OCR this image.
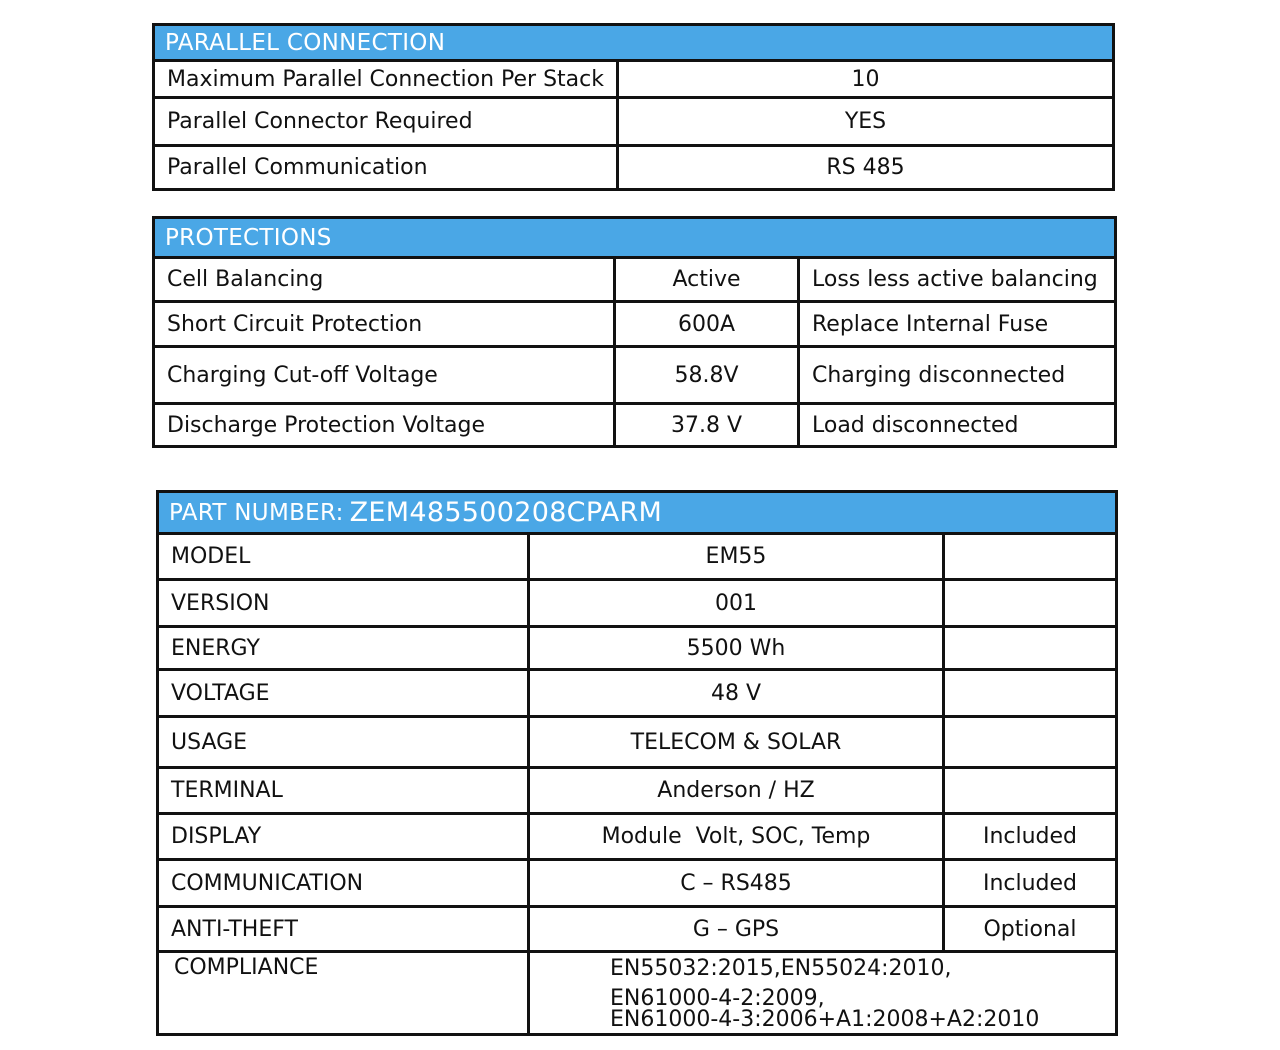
PARALLEL CONNECTION
Maximum Parallel Connection Per Stack	10
Parallel Connector Required	YES
Parallel Communication	RS 485
PROTECTIONS
Cell Balancing	Active	Loss less active balancing
Short Circuit Protection	600A	Replace Internal Fuse
Charging Cut-off Voltage	58.8V	Charging disconnected
Discharge Protection Voltage	37.8 V	Load disconnected
PART NUMBER: ZEM485500208CPARM
MODEL	EM55
VERSION	001
ENERGY	5500 Wh
VOLTAGE	48 V
USAGE	TELECOM & SOLAR
TERMINAL	Anderson / HZ
DISPLAY	Module  Volt, SOC, Temp	Included
COMMUNICATION	C – RS485	Included
ANTI-THEFT	G – GPS	Optional
COMPLIANCE	EN55032:2015,EN55024:2010,
EN61000-4-2:2009,
EN61000-4-3:2006+A1:2008+A2:2010
